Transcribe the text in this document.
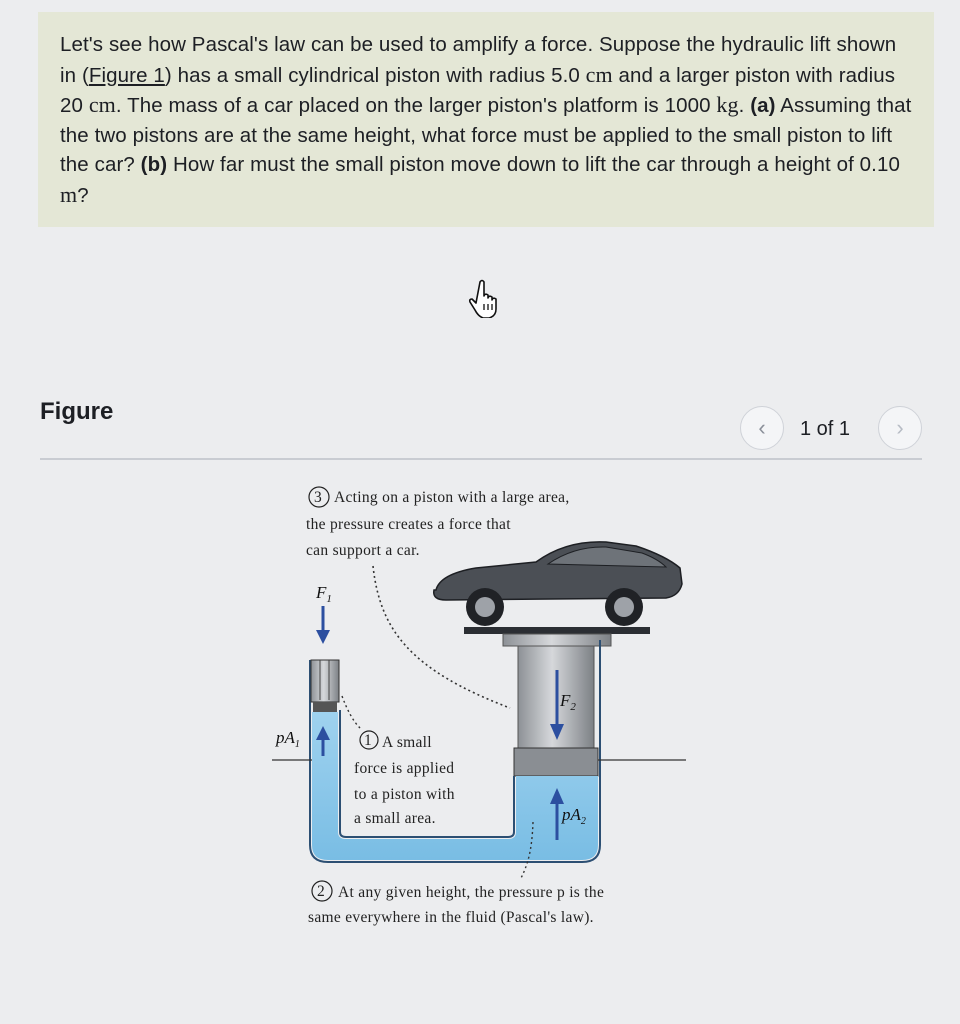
Let's see how Pascal's law can be used to amplify a force. Suppose the hydraulic lift shown in (Figure 1) has a small cylindrical piston with radius 5.0 cm and a larger piston with radius 20 cm. The mass of a car placed on the larger piston's platform is 1000 kg. (a) Assuming that the two pistons are at the same height, what force must be applied to the small piston to lift the car? (b) How far must the small piston move down to lift the car through a height of 0.10 m?

Figure
‹	1 of 1	›
3 Acting on a piston with a large area,
the pressure creates a force that
can support a car.
$F_1$
$F_2$
$pA_1$
$pA_2$
1 A small
force is applied
to a piston with
a small area.
2 At any given height, the pressure p is the
same everywhere in the fluid (Pascal's law).
